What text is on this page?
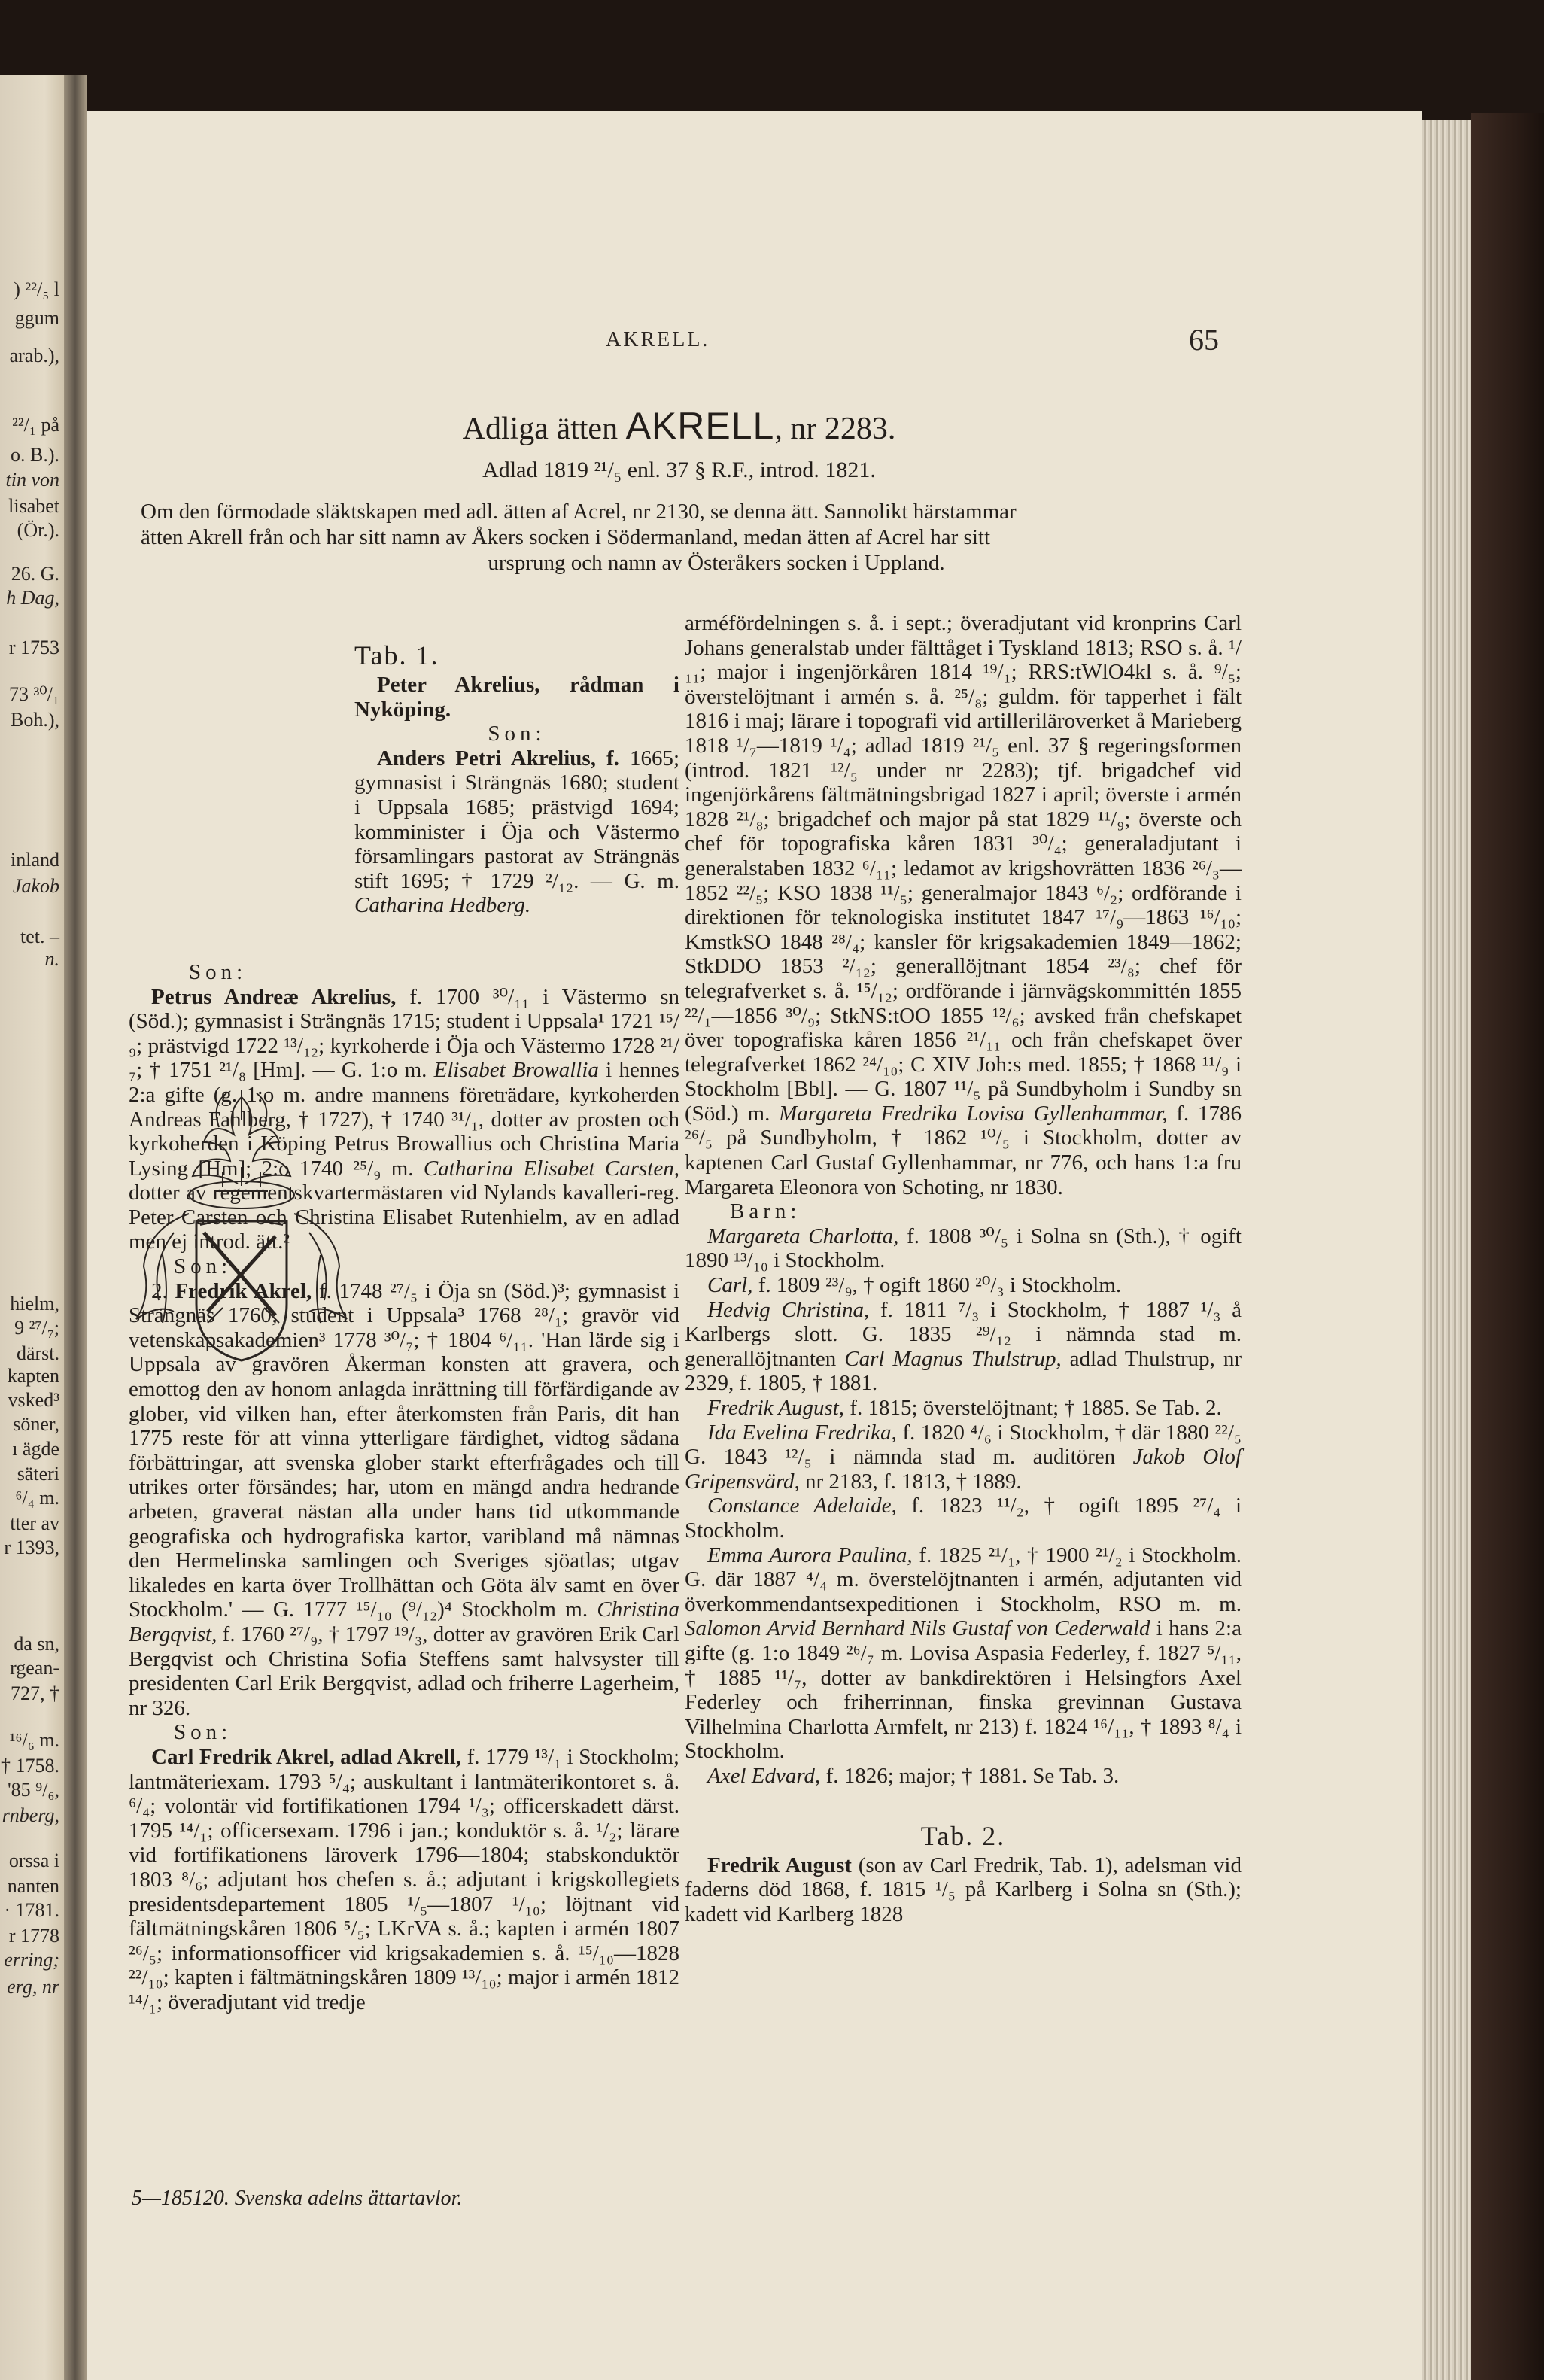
) ²²/₅ l
ggum
arab.),
²²/₁ på
o. B.).
tin von
lisabet
(Ör.).
26. G.
h Dag,
r 1753
73 ³⁰/₁
Boh.),
inland
Jakob
tet. –
n.
hielm,
9 ²⁷/₇;
därst.
kapten
vsked³
söner,
ı ägde
säteri
⁶/₄ m.
tter av
r 1393,
da sn,
rgean-
727, †
¹⁶/₆ m.
† 1758.
'85 ⁹/₆,
rnberg,
orssa i
nanten
· 1781.
r 1778
erring;
erg, nr
AKRELL.	65
Adliga ätten AKRELL, nr 2283.
Adlad 1819 ²¹/₅ enl. 37 § R.F., introd. 1821.
Om den förmodade släktskapen med adl. ätten af Acrel, nr 2130, se denna ätt. Sannolikt härstammar
ätten Akrell från och har sitt namn av Åkers socken i Södermanland, medan ätten af Acrel har sitt
ursprung och namn av Österåkers socken i Uppland.

Tab. 1.

Peter Akrelius, rådman i Nyköping.

Son:

Anders Petri Akrelius, f. 1665; gymnasist i Strängnäs 1680; student i Uppsala 1685; prästvigd 1694; komminister i Öja och Västermo församlingars pastorat av Strängnäs stift 1695; † 1729 ²/₁₂. — G. m. Catharina Hedberg.

Son:

Petrus Andreæ Akrelius, f. 1700 ³⁰/₁₁ i Västermo sn (Söd.); gymnasist i Strängnäs 1715; student i Uppsala¹ 1721 ¹⁵/₉; prästvigd 1722 ¹³/₁₂; kyrkoherde i Öja och Västermo 1728 ²¹/₇; † 1751 ²¹/₈ [Hm]. — G. 1:o m. Elisabet Browallia i hennes 2:a gifte (g. 1:o m. andre mannens företrädare, kyrkoherden Andreas Fahlberg, † 1727), † 1740 ³¹/₁, dotter av prosten och kyrkoherden i Köping Petrus Browallius och Christina Maria Lysing [Hm]; 2:o 1740 ²⁵/₉ m. Catharina Elisabet Carsten, dotter av regementskvartermästaren vid Nylands kavalleri-reg. Peter Carsten och Christina Elisabet Rutenhielm, av en adlad men ej introd. ätt.²

Son:

2. Fredrik Akrel, f. 1748 ²⁷/₅ i Öja sn (Söd.)³; gymnasist i Strängnäs 1760; student i Uppsala³ 1768 ²⁸/₁; gravör vid vetenskapsakademien³ 1778 ³⁰/₇; † 1804 ⁶/₁₁. 'Han lärde sig i Uppsala av gravören Åkerman konsten att gravera, och emottog den av honom anlagda inrättning till förfärdigande av glober, vid vilken han, efter återkomsten från Paris, dit han 1775 reste för att vinna ytterligare färdighet, vidtog sådana förbättringar, att svenska glober starkt efterfrågades och till utrikes orter försändes; har, utom en mängd andra hedrande arbeten, graverat nästan alla under hans tid utkommande geografiska och hydrografiska kartor, varibland må nämnas den Hermelinska samlingen och Sveriges sjöatlas; utgav likaledes en karta över Trollhättan och Göta älv samt en över Stockholm.' — G. 1777 ¹⁵/₁₀ (⁹/₁₂)⁴ Stockholm m. Christina Bergqvist, f. 1760 ²⁷/₉, † 1797 ¹⁹/₃, dotter av gravören Erik Carl Bergqvist och Christina Sofia Steffens samt halvsyster till presidenten Carl Erik Bergqvist, adlad och friherre Lagerheim, nr 326.

Son:

Carl Fredrik Akrel, adlad Akrell, f. 1779 ¹³/₁ i Stockholm; lantmäteriexam. 1793 ⁵/₄; auskultant i lantmäterikontoret s. å. ⁶/₄; volontär vid fortifikationen 1794 ¹/₃; officerskadett därst. 1795 ¹⁴/₁; officersexam. 1796 i jan.; konduktör s. å. ¹/₂; lärare vid fortifikationens läroverk 1796—1804; stabskonduktör 1803 ⁸/₆; adjutant hos chefen s. å.; adjutant i krigskollegiets presidentsdepartement 1805 ¹/₅—1807 ¹/₁₀; löjtnant vid fältmätningskåren 1806 ⁵/₅; LKrVA s. å.; kapten i armén 1807 ²⁶/₅; informationsofficer vid krigsakademien s. å. ¹⁵/₁₀—1828 ²²/₁₀; kapten i fältmätningskåren 1809 ¹³/₁₀; major i armén 1812 ¹⁴/₁; överadjutant vid tredje

arméfördelningen s. å. i sept.; överadjutant vid kronprins Carl Johans generalstab under fälttåget i Tyskland 1813; RSO s. å. ¹/₁₁; major i ingenjörkåren 1814 ¹⁹/₁; RRS:tWlO4kl s. å. ⁹/₅; överstelöjtnant i armén s. å. ²⁵/₈; guldm. för tapperhet i fält 1816 i maj; lärare i topografi vid artilleriläroverket å Marieberg 1818 ¹/₇—1819 ¹/₄; adlad 1819 ²¹/₅ enl. 37 § regeringsformen (introd. 1821 ¹²/₅ under nr 2283); tjf. brigadchef vid ingenjörkårens fältmätningsbrigad 1827 i april; överste i armén 1828 ²¹/₈; brigadchef och major på stat 1829 ¹¹/₉; överste och chef för topografiska kåren 1831 ³⁰/₄; generaladjutant i generalstaben 1832 ⁶/₁₁; ledamot av krigshovrätten 1836 ²⁶/₃—1852 ²²/₅; KSO 1838 ¹¹/₅; generalmajor 1843 ⁶/₂; ordförande i direktionen för teknologiska institutet 1847 ¹⁷/₉—1863 ¹⁶/₁₀; KmstkSO 1848 ²⁸/₄; kansler för krigsakademien 1849—1862; StkDDO 1853 ²/₁₂; generallöjtnant 1854 ²³/₈; chef för telegrafverket s. å. ¹⁵/₁₂; ordförande i järnvägskommittén 1855 ²²/₁—1856 ³⁰/₉; StkNS:tOO 1855 ¹²/₆; avsked från chefskapet över topografiska kåren 1856 ²¹/₁₁ och från chefskapet över telegrafverket 1862 ²⁴/₁₀; C XIV Joh:s med. 1855; † 1868 ¹¹/₉ i Stockholm [Bbl]. — G. 1807 ¹¹/₅ på Sundbyholm i Sundby sn (Söd.) m. Margareta Fredrika Lovisa Gyllenhammar, f. 1786 ²⁶/₅ på Sundbyholm, † 1862 ¹⁰/₅ i Stockholm, dotter av kaptenen Carl Gustaf Gyllenhammar, nr 776, och hans 1:a fru Margareta Eleonora von Schoting, nr 1830.

Barn:

Margareta Charlotta, f. 1808 ³⁰/₅ i Solna sn (Sth.), † ogift 1890 ¹³/₁₀ i Stockholm.

Carl, f. 1809 ²³/₉, † ogift 1860 ²⁰/₃ i Stockholm.

Hedvig Christina, f. 1811 ⁷/₃ i Stockholm, † 1887 ¹/₃ å Karlbergs slott. G. 1835 ²⁹/₁₂ i nämnda stad m. generallöjtnanten Carl Magnus Thulstrup, adlad Thulstrup, nr 2329, f. 1805, † 1881.

Fredrik August, f. 1815; överstelöjtnant; † 1885. Se Tab. 2.

Ida Evelina Fredrika, f. 1820 ⁴/₆ i Stockholm, † där 1880 ²²/₅ G. 1843 ¹²/₅ i nämnda stad m. auditören Jakob Olof Gripensvärd, nr 2183, f. 1813, † 1889.

Constance Adelaide, f. 1823 ¹¹/₂, † ogift 1895 ²⁷/₄ i Stockholm.

Emma Aurora Paulina, f. 1825 ²¹/₁, † 1900 ²¹/₂ i Stockholm. G. där 1887 ⁴/₄ m. överstelöjtnanten i armén, adjutanten vid överkommendantsexpeditionen i Stockholm, RSO m. m. Salomon Arvid Bernhard Nils Gustaf von Cederwald i hans 2:a gifte (g. 1:o 1849 ²⁶/₇ m. Lovisa Aspasia Federley, f. 1827 ⁵/₁₁, † 1885 ¹¹/₇, dotter av bankdirektören i Helsingfors Axel Federley och friherrinnan, finska grevinnan Gustava Vilhelmina Charlotta Armfelt, nr 213) f. 1824 ¹⁶/₁₁, † 1893 ⁸/₄ i Stockholm.

Axel Edvard, f. 1826; major; † 1881. Se Tab. 3.

Tab. 2.

Fredrik August (son av Carl Fredrik, Tab. 1), adelsman vid faderns död 1868, f. 1815 ¹/₅ på Karlberg i Solna sn (Sth.); kadett vid Karlberg 1828

5—185120. Svenska adelns ättartavlor.
